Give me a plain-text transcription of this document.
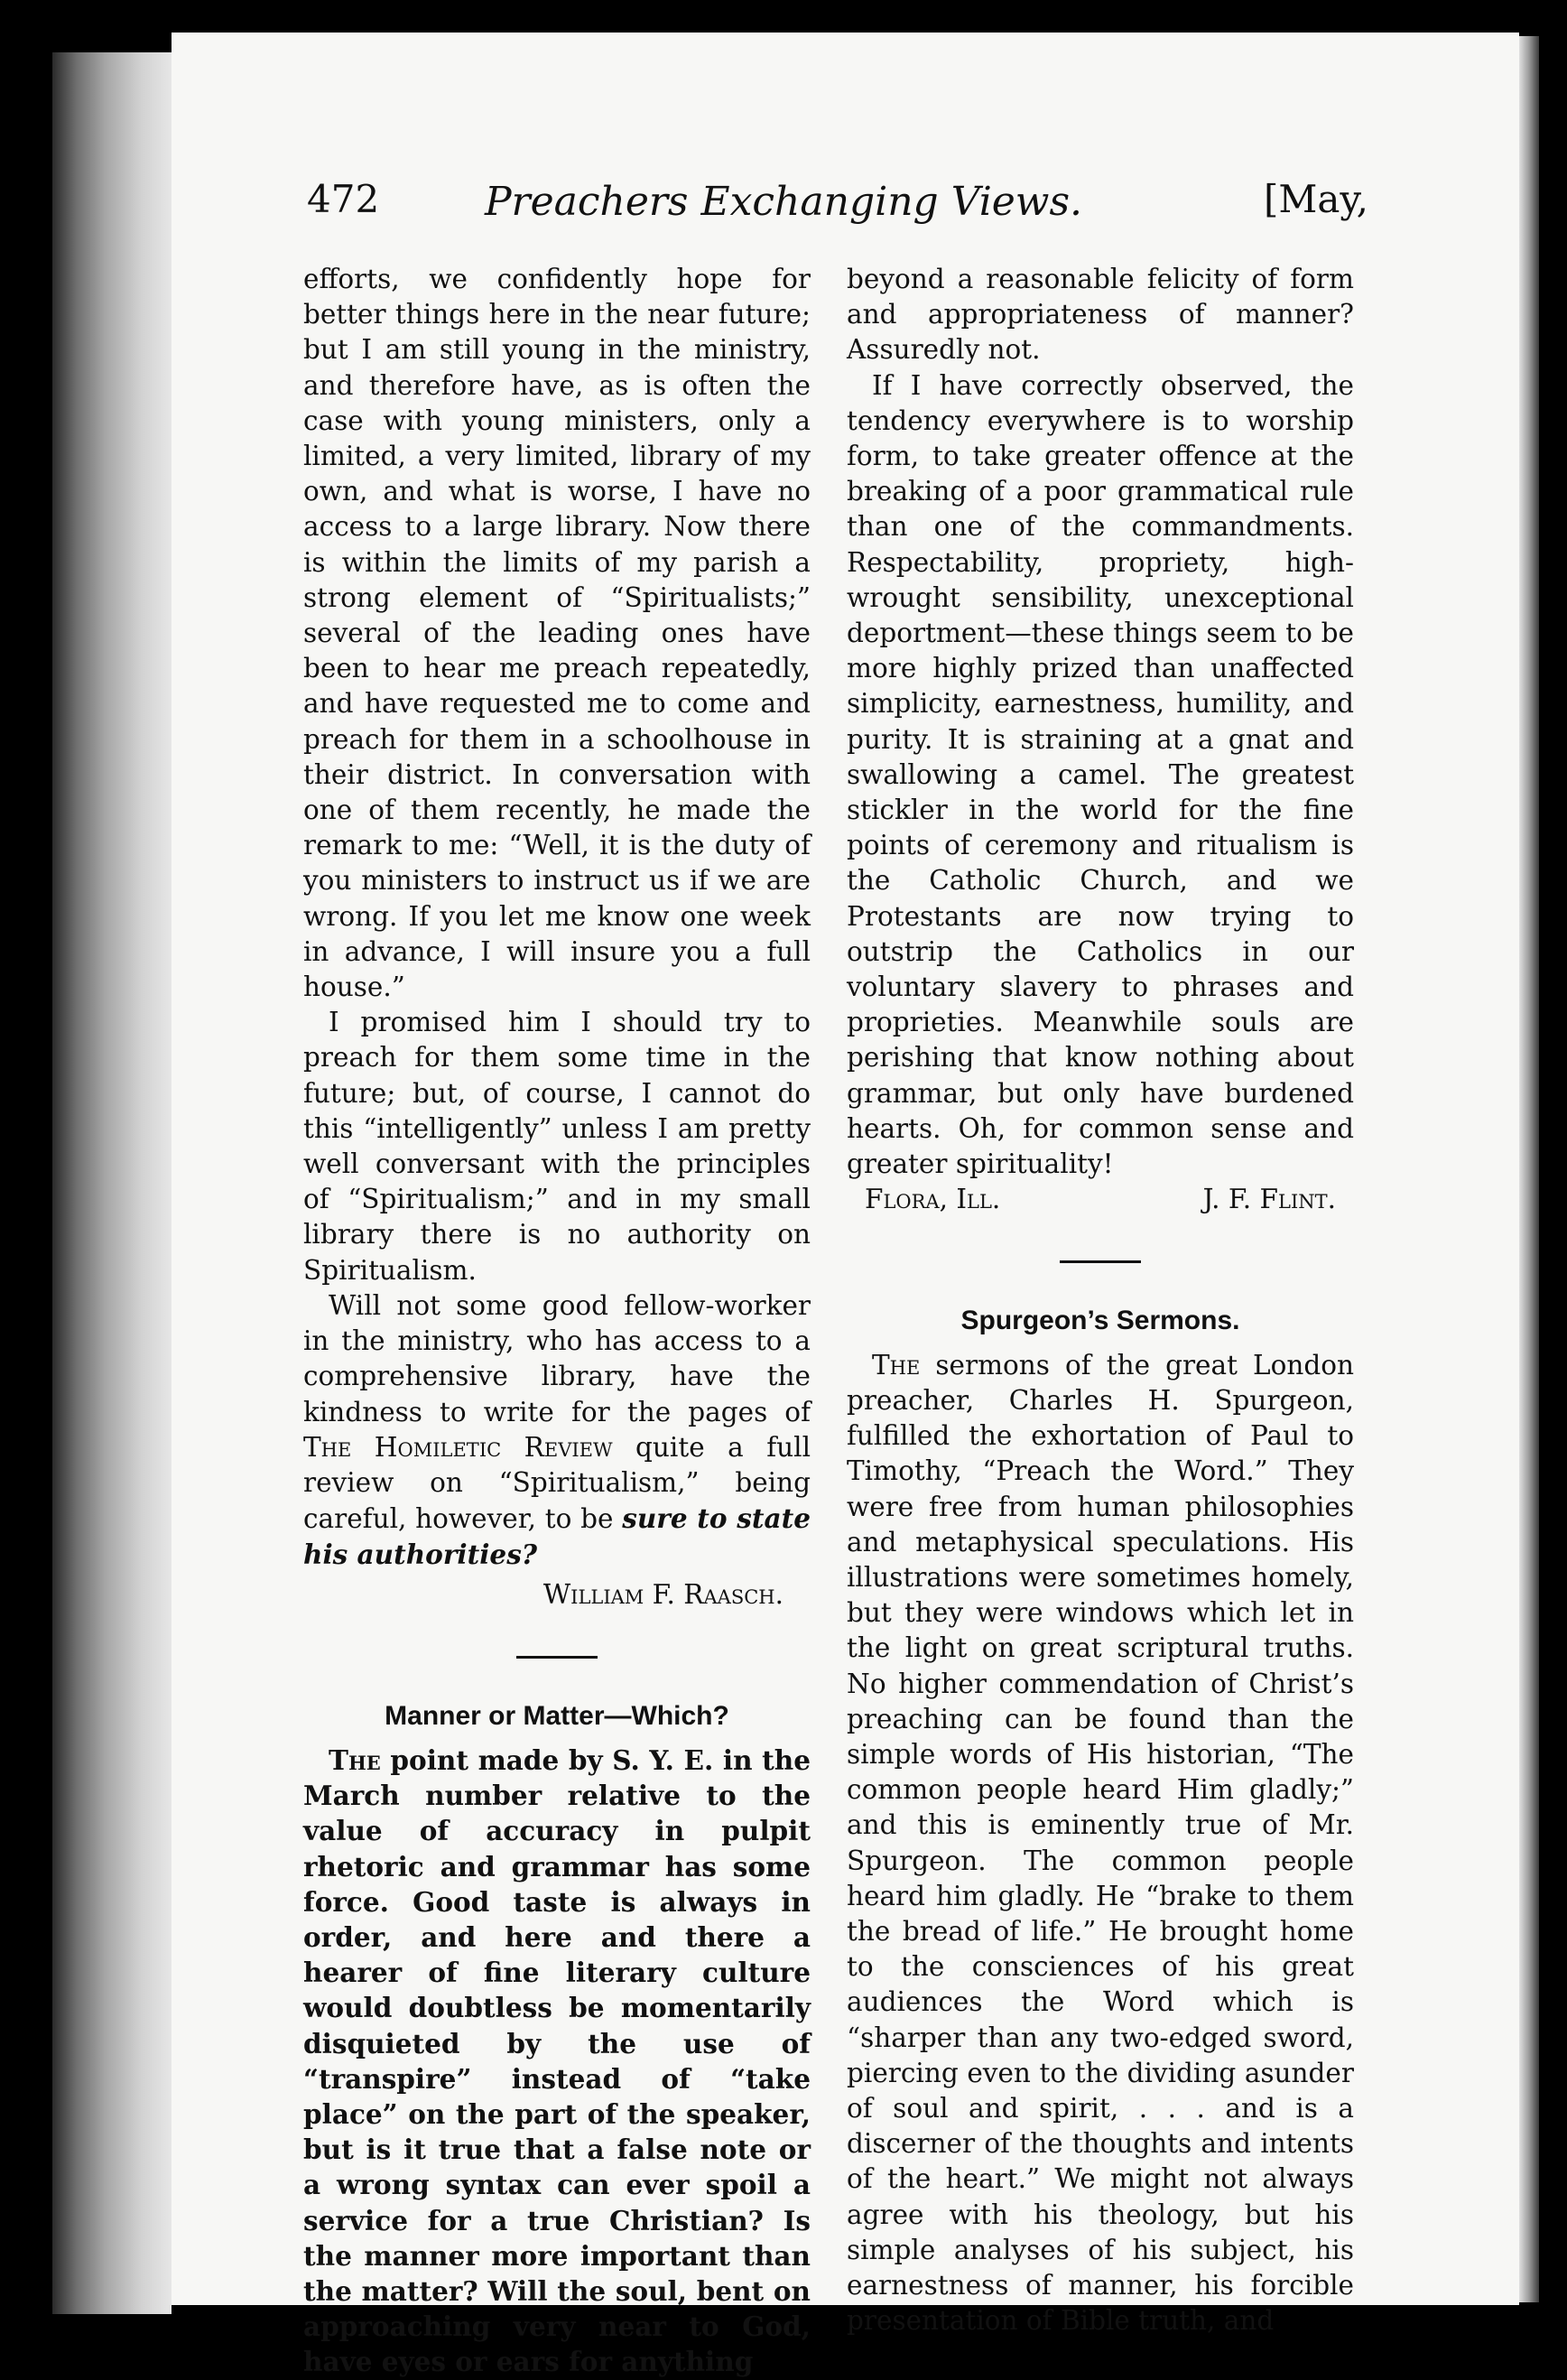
472	Preachers Exchanging Views.	[May,

efforts, we confidently hope for better things here in the near future; but I am still young in the ministry, and therefore have, as is often the case with young ministers, only a limited, a very limited, library of my own, and what is worse, I have no access to a large library. Now there is within the limits of my parish a strong element of “Spiritualists;” several of the leading ones have been to hear me preach repeatedly, and have requested me to come and preach for them in a schoolhouse in their district. In conversation with one of them recently, he made the remark to me: “Well, it is the duty of you ministers to instruct us if we are wrong. If you let me know one week in advance, I will insure you a full house.”

I promised him I should try to preach for them some time in the future; but, of course, I cannot do this “intelligently” unless I am pretty well conversant with the principles of “Spiritualism;” and in my small library there is no authority on Spiritualism.

Will not some good fellow-worker in the ministry, who has access to a comprehensive library, have the kindness to write for the pages of The Homiletic Review quite a full review on “Spiritualism,” being careful, however, to be sure to state his authorities?

William F. Raasch.
Manner or Matter—Which?

The point made by S. Y. E. in the March number relative to the value of accuracy in pulpit rhetoric and grammar has some force. Good taste is always in order, and here and there a hearer of fine literary culture would doubtless be momentarily disquieted by the use of “transpire” instead of “take place” on the part of the speaker, but is it true that a false note or a wrong syntax can ever spoil a service for a true Christian? Is the manner more important than the matter? Will the soul, bent on approaching very near to God, have eyes or ears for anything

beyond a reasonable felicity of form and appropriateness of manner? Assuredly not.

If I have correctly observed, the tendency everywhere is to worship form, to take greater offence at the breaking of a poor grammatical rule than one of the commandments. Respectability, propriety, high-wrought sensibility, unexceptional deportment—these things seem to be more highly prized than unaffected simplicity, earnestness, humility, and purity. It is straining at a gnat and swallowing a camel. The greatest stickler in the world for the fine points of ceremony and ritualism is the Catholic Church, and we Protestants are now trying to outstrip the Catholics in our voluntary slavery to phrases and proprieties. Meanwhile souls are perishing that know nothing about grammar, but only have burdened hearts. Oh, for common sense and greater spirituality!

Flora, Ill.	J. F. Flint.
Spurgeon’s Sermons.

The sermons of the great London preacher, Charles H. Spurgeon, fulfilled the exhortation of Paul to Timothy, “Preach the Word.” They were free from human philosophies and metaphysical speculations. His illustrations were sometimes homely, but they were windows which let in the light on great scriptural truths. No higher commendation of Christ’s preaching can be found than the simple words of His historian, “The common people heard Him gladly;” and this is eminently true of Mr. Spurgeon. The common people heard him gladly. He “brake to them the bread of life.” He brought home to the consciences of his great audiences the Word which is “sharper than any two-edged sword, piercing even to the dividing asunder of soul and spirit, . . . and is a discerner of the thoughts and intents of the heart.” We might not always agree with his theology, but his simple analyses of his subject, his earnestness of manner, his forcible presentation of Bible truth, and
